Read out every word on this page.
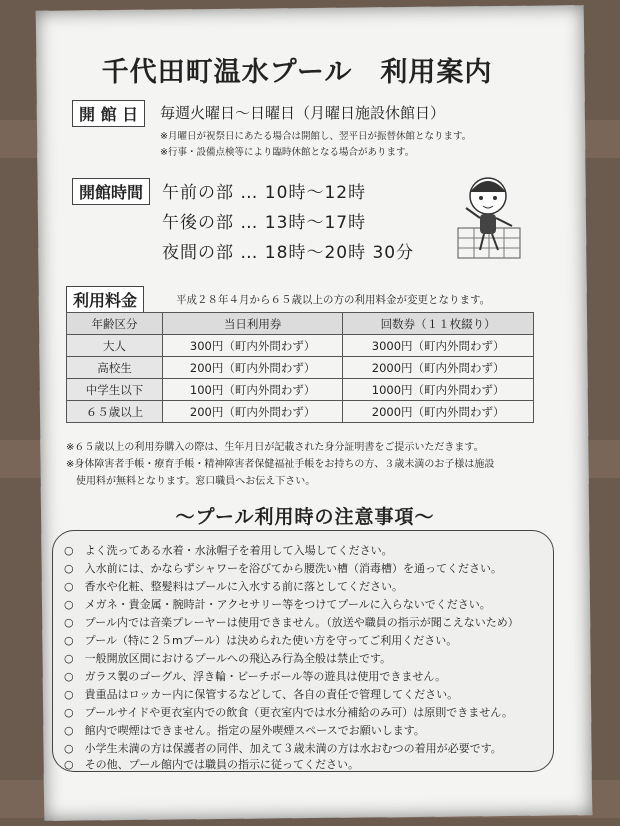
千代田町温水プール　利用案内
開 館 日	毎週火曜日～日曜日（月曜日施設休館日）
※月曜日が祝祭日にあたる場合は開館し、翌平日が振替休館となります。
※行事・設備点検等により臨時休館となる場合があります。
開館時間	午前の部 … 10時～12時
午後の部 … 13時～17時
夜間の部 … 18時～20時 30分
利用料金	平成２８年４月から６５歳以上の方の利用料金が変更となります。
年齢区分	当日利用券	回数券（１１枚綴り）
大人	300円（町内外問わず）	3000円（町内外問わず）
高校生	200円（町内外問わず）	2000円（町内外問わず）
中学生以下	100円（町内外問わず）	1000円（町内外問わず）
６５歳以上	200円（町内外問わず）	2000円（町内外問わず）
※６５歳以上の利用券購入の際は、生年月日が記載された身分証明書をご提示いただきます。
※身体障害者手帳・療育手帳・精神障害者保健福祉手帳をお持ちの方、３歳未満のお子様は施設
　使用料が無料となります。窓口職員へお伝え下さい。
～プール利用時の注意事項～
○　 よく洗ってある水着・水泳帽子を着用して入場してください。
○　 入水前には、かならずシャワーを浴びてから腰洗い槽（消毒槽）を通ってください。
○　 香水や化粧、整髪料はプールに入水する前に落としてください。
○　 メガネ・貴金属・腕時計・アクセサリー等をつけてプールに入らないでください。
○　 プール内では音楽プレーヤーは使用できません。（放送や職員の指示が聞こえないため）
○　 プール（特に２５mプール）は決められた使い方を守ってご利用ください。
○　 一般開放区間におけるプールへの飛込み行為全般は禁止です。
○　 ガラス製のゴーグル、浮き輪・ビーチボール等の遊具は使用できません。
○　 貴重品はロッカー内に保管するなどして、各自の責任で管理してください。
○　 プールサイドや更衣室内での飲食（更衣室内では水分補給のみ可）は原則できません。
○　 館内で喫煙はできません。指定の屋外喫煙スペースでお願いします。
○　 小学生未満の方は保護者の同伴、加えて３歳未満の方は水おむつの着用が必要です。
○　 その他、プール館内では職員の指示に従ってください。
